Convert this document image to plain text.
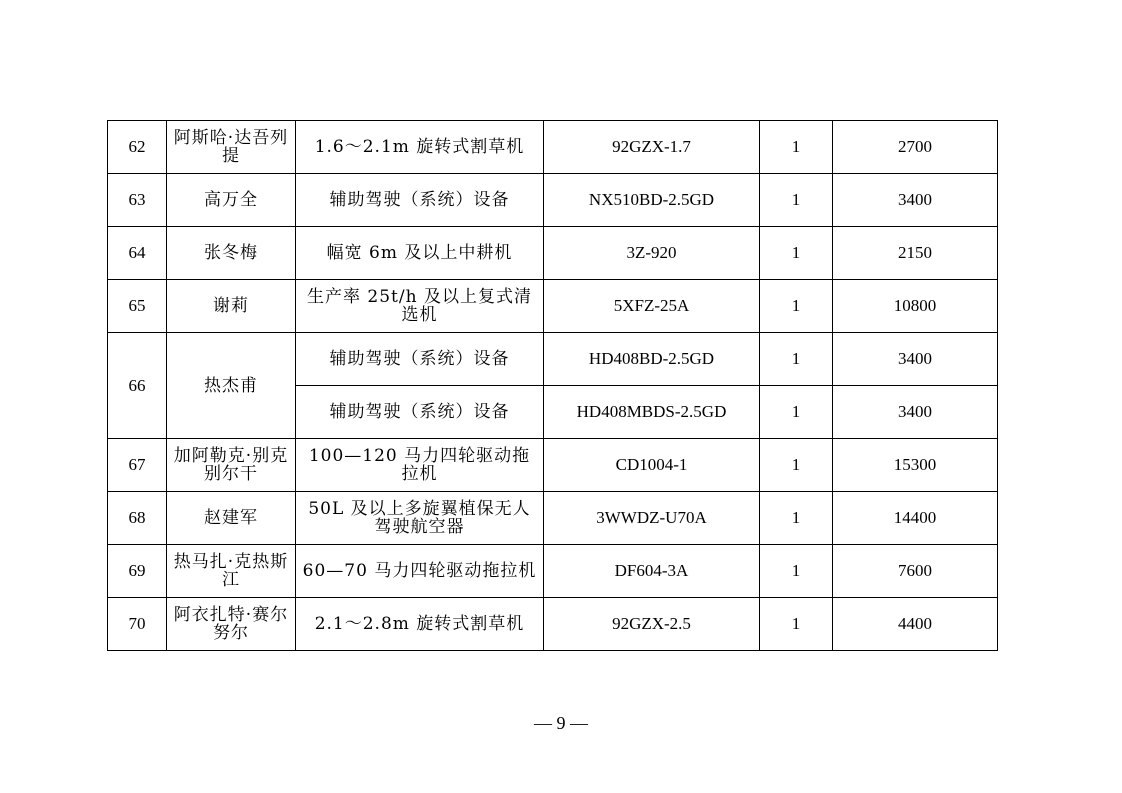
62	阿斯哈·达吾列提	1.6～2.1m 旋转式割草机	92GZX-1.7	1	2700
63	高万全	辅助驾驶（系统）设备	NX510BD-2.5GD	1	3400
64	张冬梅	幅宽 6m 及以上中耕机	3Z-920	1	2150
65	谢莉	生产率 25t/h 及以上复式清选机	5XFZ-25A	1	10800
66	热杰甫	辅助驾驶（系统）设备	HD408BD-2.5GD	1	3400
		辅助驾驶（系统）设备	HD408MBDS-2.5GD	1	3400
67	加阿勒克·别克别尔干	100—120 马力四轮驱动拖拉机	CD1004-1	1	15300
68	赵建军	50L 及以上多旋翼植保无人驾驶航空器	3WWDZ-U70A	1	14400
69	热马扎·克热斯江	60—70 马力四轮驱动拖拉机	DF604-3A	1	7600
70	阿衣扎特·赛尔努尔	2.1～2.8m 旋转式割草机	92GZX-2.5	1	4400
— 9 —
